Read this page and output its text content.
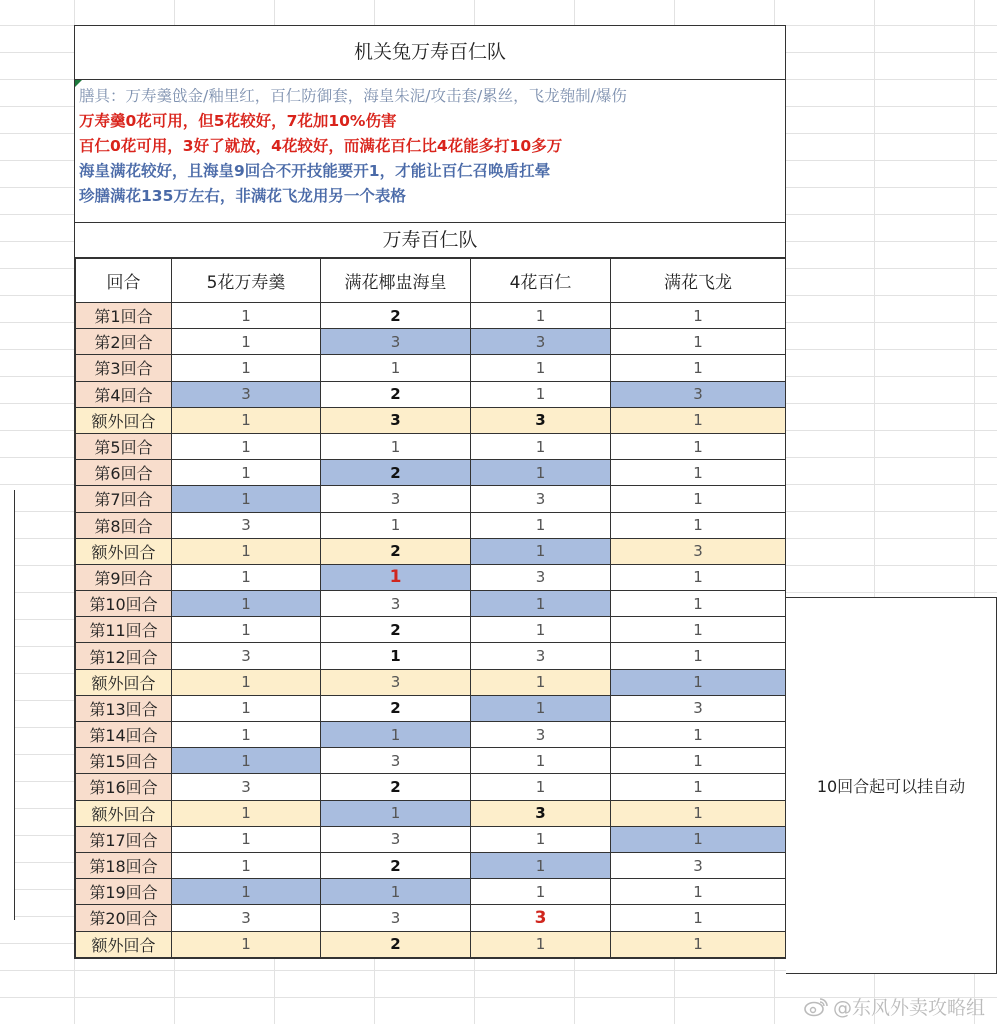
机关兔万寿百仁队
膳具：万寿羹戗金/釉里红，百仁防御套，海皇朱泥/攻击套/累丝，飞龙匏制/爆伤
万寿羹0花可用，但5花较好，7花加10%伤害
百仁0花可用，3好了就放，4花较好，而满花百仁比4花能多打10多万
海皇满花较好，且海皇9回合不开技能要开1，才能让百仁召唤盾扛晕
珍膳满花135万左右，非满花飞龙用另一个表格
万寿百仁队
回合	5花万寿羹	满花椰盅海皇	4花百仁	满花飞龙
第1回合	1	2	1	1
第2回合	1	3	3	1
第3回合	1	1	1	1
第4回合	3	2	1	3
额外回合	1	3	3	1
第5回合	1	1	1	1
第6回合	1	2	1	1
第7回合	1	3	3	1
第8回合	3	1	1	1
额外回合	1	2	1	3
第9回合	1	1	3	1
第10回合	1	3	1	1
第11回合	1	2	1	1
第12回合	3	1	3	1
额外回合	1	3	1	1
第13回合	1	2	1	3
第14回合	1	1	3	1
第15回合	1	3	1	1
第16回合	3	2	1	1
额外回合	1	1	3	1
第17回合	1	3	1	1
第18回合	1	2	1	3
第19回合	1	1	1	1
第20回合	3	3	3	1
额外回合	1	2	1	1
10回合起可以挂自动
@东风外卖攻略组
